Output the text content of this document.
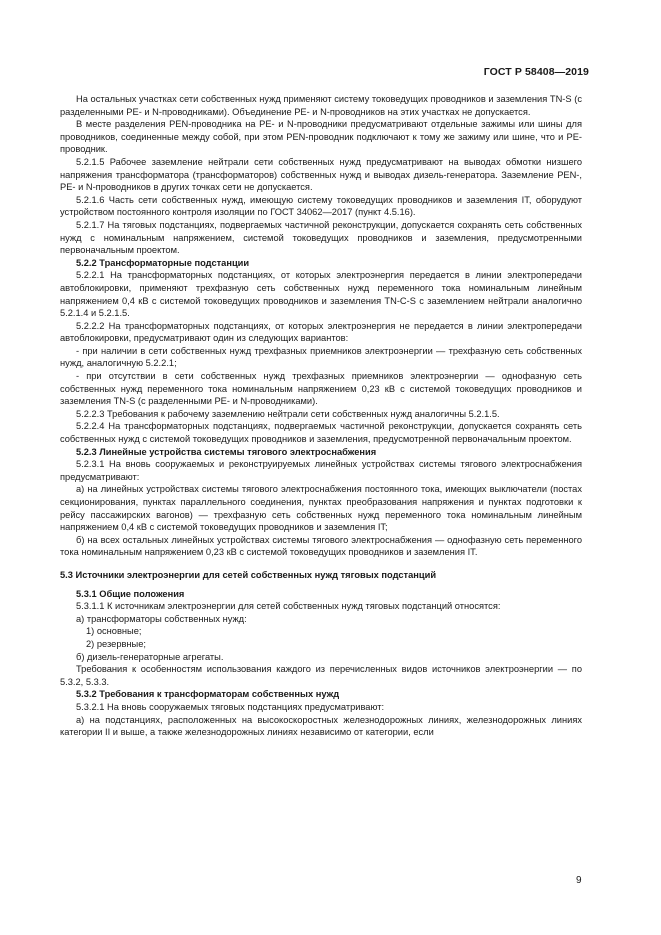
ГОСТ Р 58408—2019

На остальных участках сети собственных нужд применяют систему токоведущих проводников и заземления TN-S (с разделенными PE- и N-проводниками). Объединение PE- и N-проводников на этих участках не допускается.

В месте разделения PEN-проводника на PE- и N-проводники предусматривают отдельные зажимы или шины для проводников, соединенные между собой, при этом PEN-проводник подключают к тому же зажиму или шине, что и PE-проводник.

5.2.1.5 Рабочее заземление нейтрали сети собственных нужд предусматривают на выводах обмотки низшего напряжения трансформатора (трансформаторов) собственных нужд и выводах дизель-генератора. Заземление PEN-, PE- и N-проводников в других точках сети не допускается.

5.2.1.6 Часть сети собственных нужд, имеющую систему токоведущих проводников и заземления IT, оборудуют устройством постоянного контроля изоляции по ГОСТ 34062—2017 (пункт 4.5.16).

5.2.1.7 На тяговых подстанциях, подвергаемых частичной реконструкции, допускается сохранять сеть собственных нужд с номинальным напряжением, системой токоведущих проводников и заземления, предусмотренными первоначальным проектом.

5.2.2 Трансформаторные подстанции

5.2.2.1 На трансформаторных подстанциях, от которых электроэнергия передается в линии электропередачи автоблокировки, применяют трехфазную сеть собственных нужд переменного тока номинальным линейным напряжением 0,4 кВ с системой токоведущих проводников и заземления TN-C-S с заземлением нейтрали аналогично 5.2.1.4 и 5.2.1.5.

5.2.2.2 На трансформаторных подстанциях, от которых электроэнергия не передается в линии электропередачи автоблокировки, предусматривают один из следующих вариантов:

- при наличии в сети собственных нужд трехфазных приемников электроэнергии — трехфазную сеть собственных нужд, аналогичную 5.2.2.1;

- при отсутствии в сети собственных нужд трехфазных приемников электроэнергии — однофазную сеть собственных нужд переменного тока номинальным напряжением 0,23 кВ с системой токоведущих проводников и заземления TN-S (с разделенными PE- и N-проводниками).

5.2.2.3 Требования к рабочему заземлению нейтрали сети собственных нужд аналогичны 5.2.1.5.

5.2.2.4 На трансформаторных подстанциях, подвергаемых частичной реконструкции, допускается сохранять сеть собственных нужд с системой токоведущих проводников и заземления, предусмотренной первоначальным проектом.

5.2.3 Линейные устройства системы тягового электроснабжения

5.2.3.1 На вновь сооружаемых и реконструируемых линейных устройствах системы тягового электроснабжения предусматривают:

а) на линейных устройствах системы тягового электроснабжения постоянного тока, имеющих выключатели (постах секционирования, пунктах параллельного соединения, пунктах преобразования напряжения и пунктах подготовки к рейсу пассажирских вагонов) — трехфазную сеть собственных нужд переменного тока номинальным линейным напряжением 0,4 кВ с системой токоведущих проводников и заземления IT;

б) на всех остальных линейных устройствах системы тягового электроснабжения — однофазную сеть переменного тока номинальным напряжением 0,23 кВ с системой токоведущих проводников и заземления IT.

5.3 Источники электроэнергии для сетей собственных нужд тяговых подстанций

5.3.1 Общие положения

5.3.1.1 К источникам электроэнергии для сетей собственных нужд тяговых подстанций относятся:

а) трансформаторы собственных нужд:

1) основные;

2) резервные;

б) дизель-генераторные агрегаты.

Требования к особенностям использования каждого из перечисленных видов источников электроэнергии — по 5.3.2, 5.3.3.

5.3.2 Требования к трансформаторам собственных нужд

5.3.2.1 На вновь сооружаемых тяговых подстанциях предусматривают:

а) на подстанциях, расположенных на высокоскоростных железнодорожных линиях, железнодорожных линиях категории II и выше, а также железнодорожных линиях независимо от категории, если

9
